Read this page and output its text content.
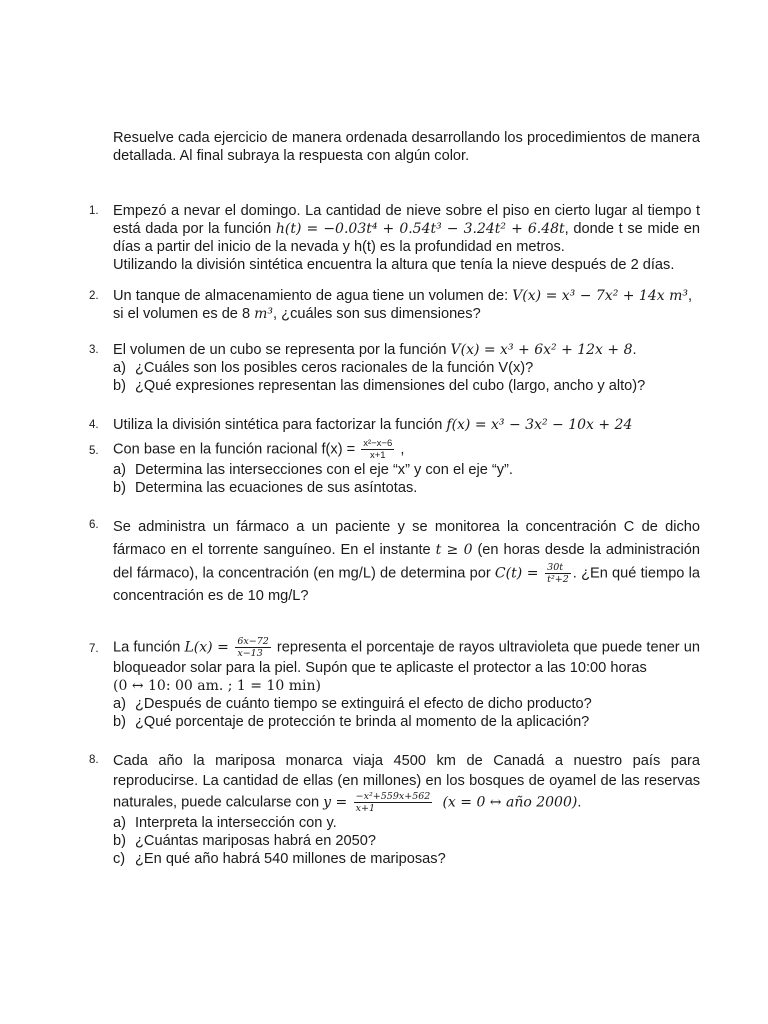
Resuelve cada ejercicio de manera ordenada desarrollando los procedimientos de manera detallada. Al final subraya la respuesta con algún color.
1. Empezó a nevar el domingo. La cantidad de nieve sobre el piso en cierto lugar al tiempo t está dada por la función h(t) = −0.03t⁴ + 0.54t³ − 3.24t² + 6.48t, donde t se mide en días a partir del inicio de la nevada y h(t) es la profundidad en metros.
Utilizando la división sintética encuentra la altura que tenía la nieve después de 2 días.
2. Un tanque de almacenamiento de agua tiene un volumen de: V(x) = x³ − 7x² + 14x m³, si el volumen es de 8 m³, ¿cuáles son sus dimensiones?
3. El volumen de un cubo se representa por la función V(x) = x³ + 6x² + 12x + 8.
a) ¿Cuáles son los posibles ceros racionales de la función V(x)?
b) ¿Qué expresiones representan las dimensiones del cubo (largo, ancho y alto)?
4. Utiliza la división sintética para factorizar la función f(x) = x³ − 3x² − 10x + 24
5. Con base en la función racional $f(x) = \frac{\text{x²−x−6}}{x+1}$ ,
a) Determina las intersecciones con el eje “x” y con el eje “y”.
b) Determina las ecuaciones de sus asíntotas.
6. Se administra un fármaco a un paciente y se monitorea la concentración C de dicho fármaco en el torrente sanguíneo. En el instante t ≥ 0 (en horas desde la administración del fármaco), la concentración (en mg/L) de determina por $C(t) = \frac{30t}{\text{t²+2}}$ . ¿En qué tiempo la concentración es de 10 mg/L?
7. La función $L(x) = \frac{6x-72}{x-13}$ representa el porcentaje de rayos ultravioleta que puede tener un bloqueador solar para la piel. Supón que te aplicaste el protector a las 10:00 horas
(0 ↔ 10: 00 am. ; 1 = 10 min)
a) ¿Después de cuánto tiempo se extinguirá el efecto de dicho producto?
b) ¿Qué porcentaje de protección te brinda al momento de la aplicación?
8. Cada año la mariposa monarca viaja 4500 km de Canadá a nuestro país para reproducirse. La cantidad de ellas (en millones) en los bosques de oyamel de las reservas naturales, puede calcularse con $y = \frac{\text{−x²+559x+562}}{x+1} (x = 0$ ↔ año 2000).
a) Interpreta la intersección con y.
b) ¿Cuántas mariposas habrá en 2050?
c) ¿En qué año habrá 540 millones de mariposas?
